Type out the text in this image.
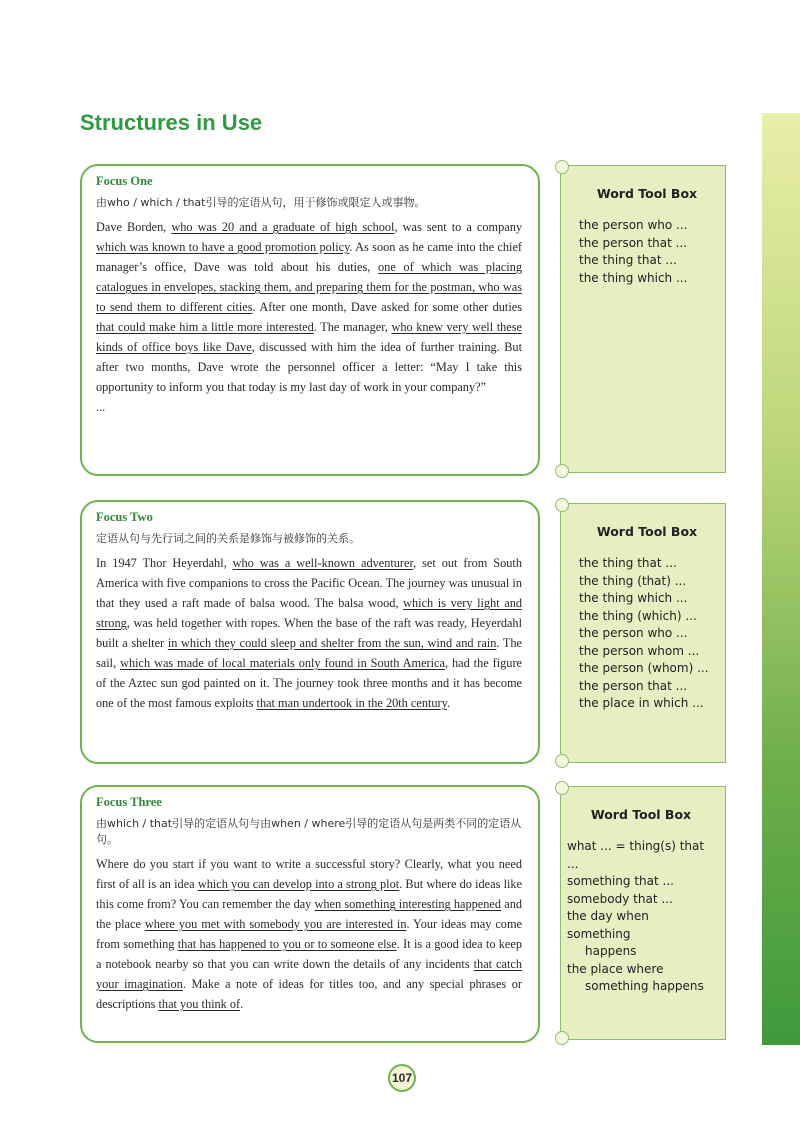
Structures in Use

Focus One

由who / which / that引导的定语从句，用于修饰或限定人或事物。

Dave Borden, who was 20 and a graduate of high school, was sent to a company which was known to have a good promotion policy. As soon as he came into the chief manager’s office, Dave was told about his duties, one of which was placing catalogues in envelopes, stacking them, and preparing them for the postman, who was to send them to different cities. After one month, Dave asked for some other duties that could make him a little more interested. The manager, who knew very well these kinds of office boys like Dave, discussed with him the idea of further training. But after two months, Dave wrote the personnel officer a letter: “May I take this opportunity to inform you that today is my last day of work in your company?”

...

Word Tool Box

the person who ...

the person that ...

the thing that ...

the thing which ...

Focus Two

定语从句与先行词之间的关系是修饰与被修饰的关系。

In 1947 Thor Heyerdahl, who was a well-known adventurer, set out from South America with five companions to cross the Pacific Ocean. The journey was unusual in that they used a raft made of balsa wood. The balsa wood, which is very light and strong, was held together with ropes. When the base of the raft was ready, Heyerdahl built a shelter in which they could sleep and shelter from the sun, wind and rain. The sail, which was made of local materials only found in South America, had the figure of the Aztec sun god painted on it. The journey took three months and it has become one of the most famous exploits that man undertook in the 20th century.

Word Tool Box

the thing that ...

the thing (that) ...

the thing which ...

the thing (which) ...

the person who ...

the person whom ...

the person (whom) ...

the person that ...

the place in which ...

Focus Three

由which / that引导的定语从句与由when / where引导的定语从句是两类不同的定语从句。

Where do you start if you want to write a successful story? Clearly, what you need first of all is an idea which you can develop into a strong plot. But where do ideas like this come from? You can remember the day when something interesting happened and the place where you met with somebody you are interested in. Your ideas may come from something that has happened to you or to someone else. It is a good idea to keep a notebook nearby so that you can write down the details of any incidents that catch your imagination. Make a note of ideas for titles too, and any special phrases or descriptions that you think of.

Word Tool Box

what ... = thing(s) that ...

something that ...

somebody that ...

the day when something

happens

the place where

something happens

107
